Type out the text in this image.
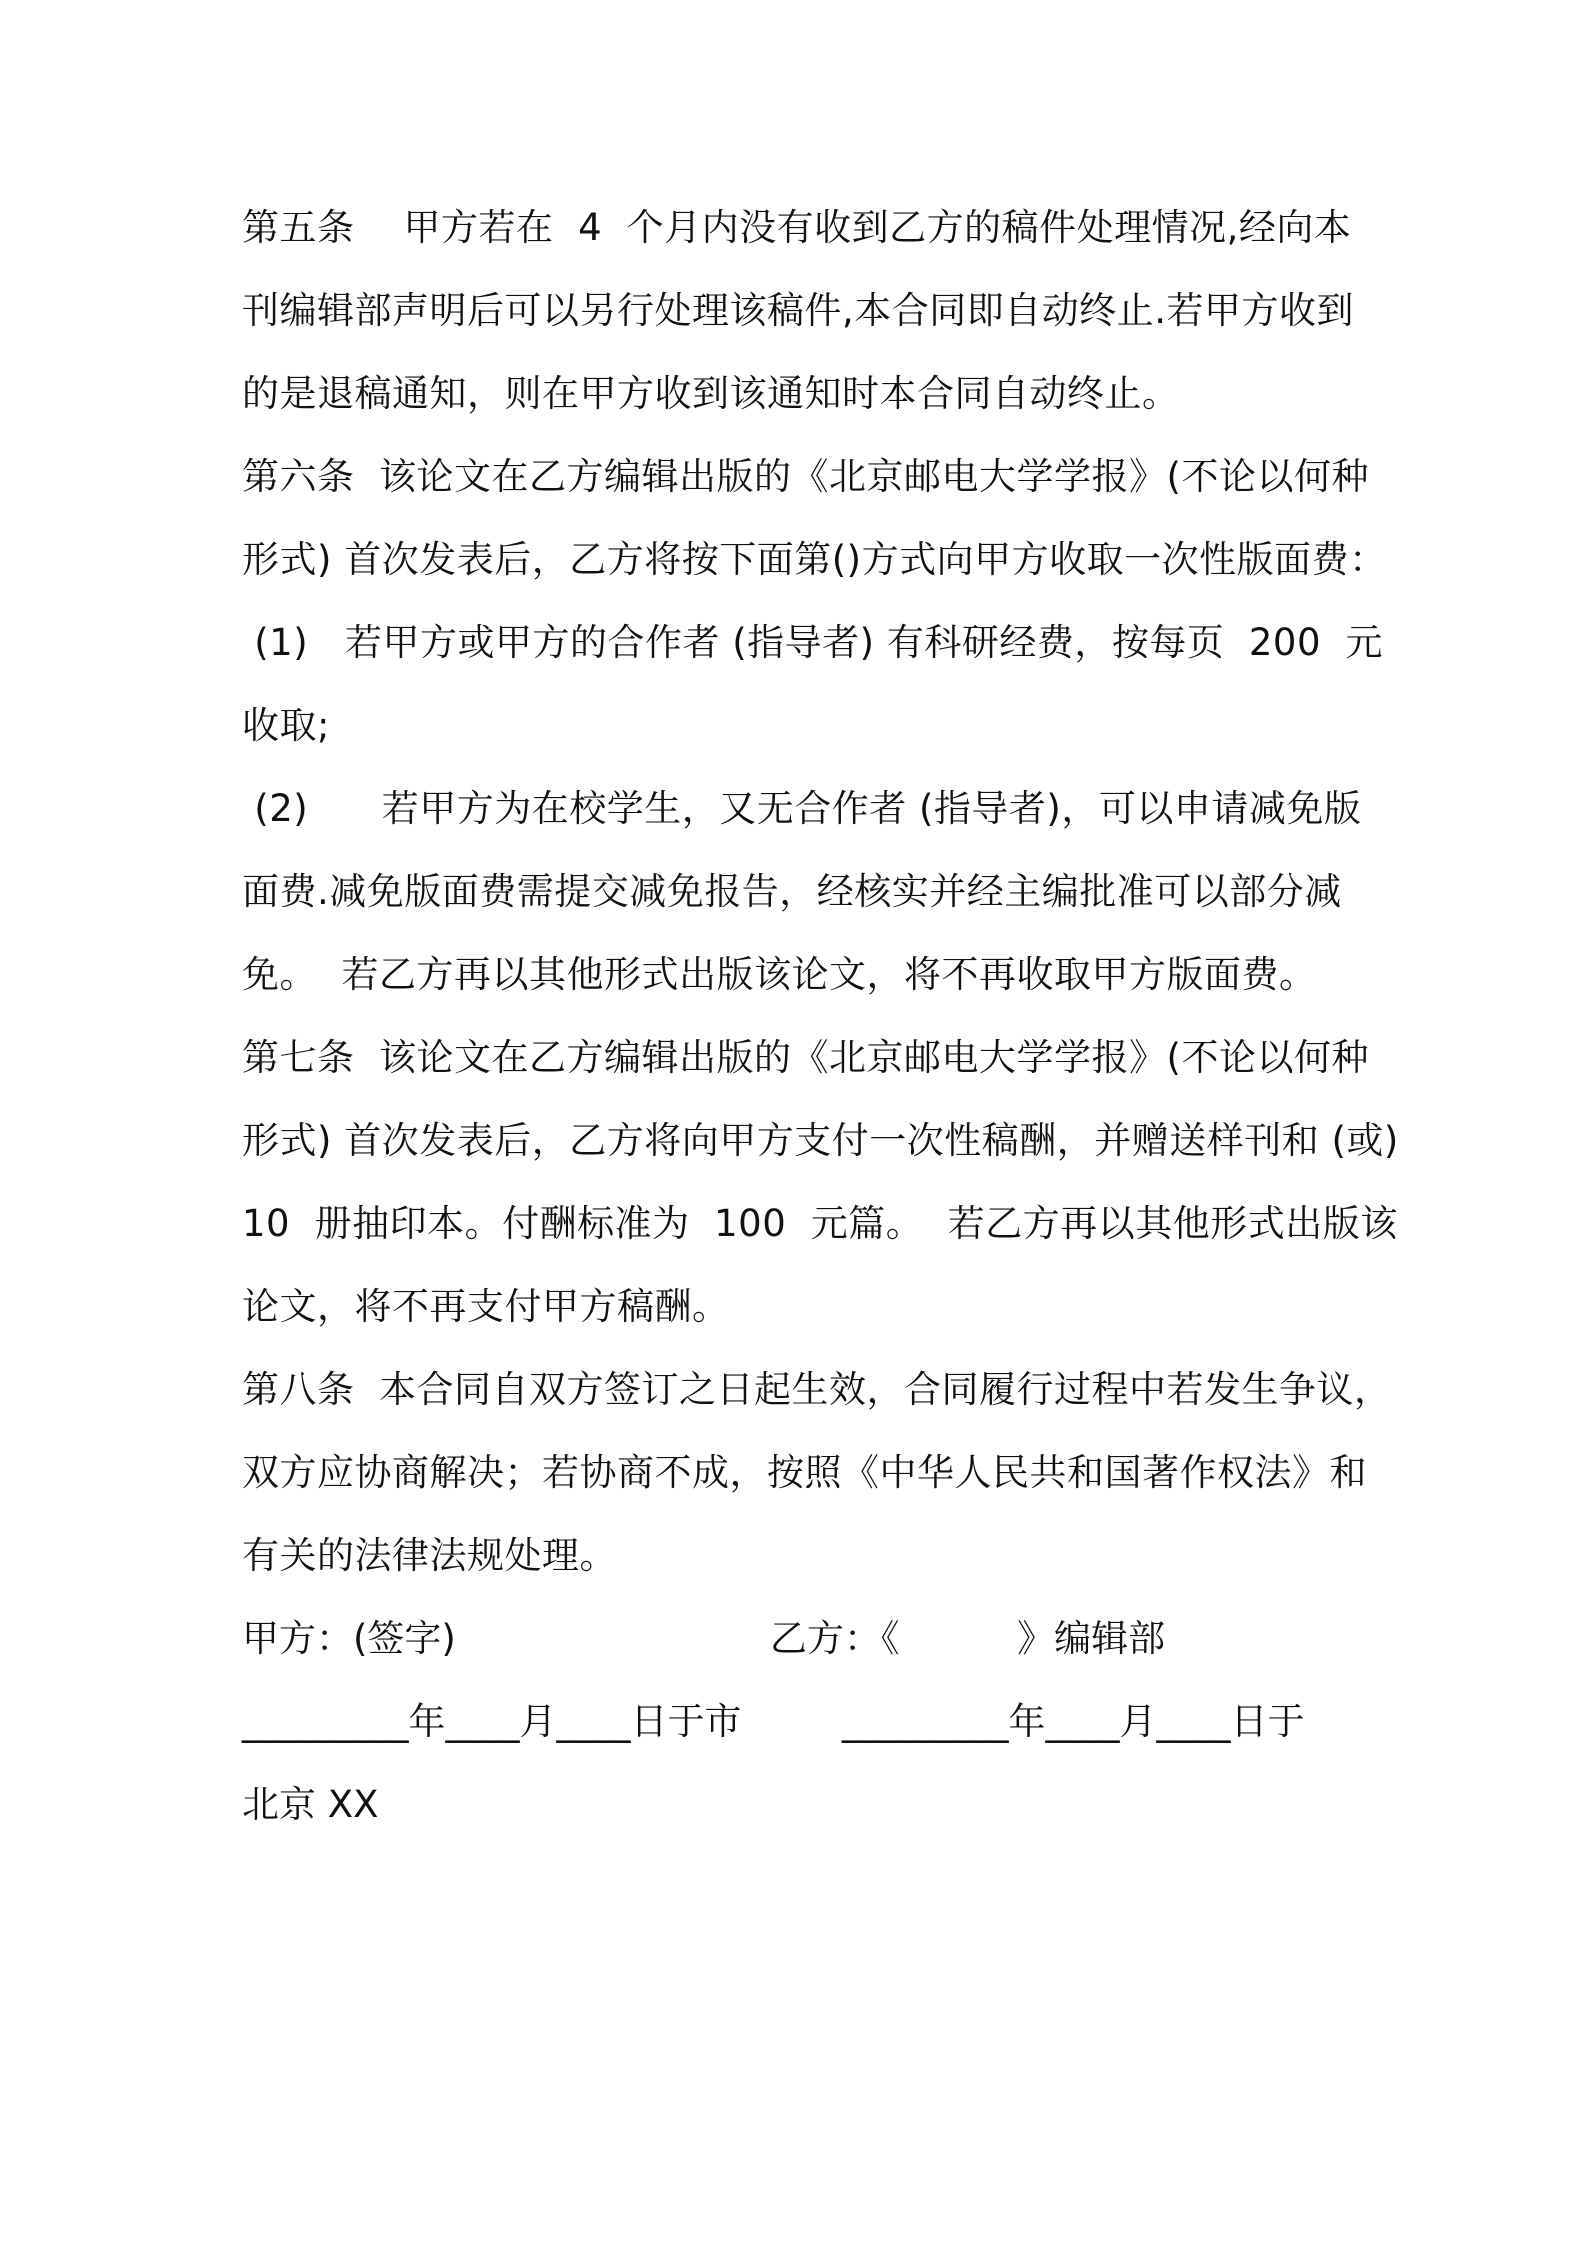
第五条    甲方若在  4  个月内没有收到乙方的稿件处理情况,经向本
刊编辑部声明后可以另行处理该稿件,本合同即自动终止.若甲方收到
的是退稿通知，则在甲方收到该通知时本合同自动终止。
第六条  该论文在乙方编辑出版的《北京邮电大学学报》(不论以何种
形式) 首次发表后，乙方将按下面第()方式向甲方收取一次性版面费：
(1)   若甲方或甲方的合作者 (指导者) 有科研经费，按每页  200  元
收取;
(2)      若甲方为在校学生，又无合作者 (指导者)，可以申请减免版
面费.减免版面费需提交减免报告，经核实并经主编批准可以部分减
免。  若乙方再以其他形式出版该论文，将不再收取甲方版面费。
第七条  该论文在乙方编辑出版的《北京邮电大学学报》(不论以何种
形式) 首次发表后，乙方将向甲方支付一次性稿酬，并赠送样刊和 (或)
10  册抽印本。付酬标准为  100  元篇。  若乙方再以其他形式出版该
论文，将不再支付甲方稿酬。
第八条  本合同自双方签订之日起生效，合同履行过程中若发生争议，
双方应协商解决；若协商不成，按照《中华人民共和国著作权法》和
有关的法律法规处理。
甲方：(签字)	乙方：《          》编辑部
_________年____月____日于市	_________年____月____日于
北京 XX
